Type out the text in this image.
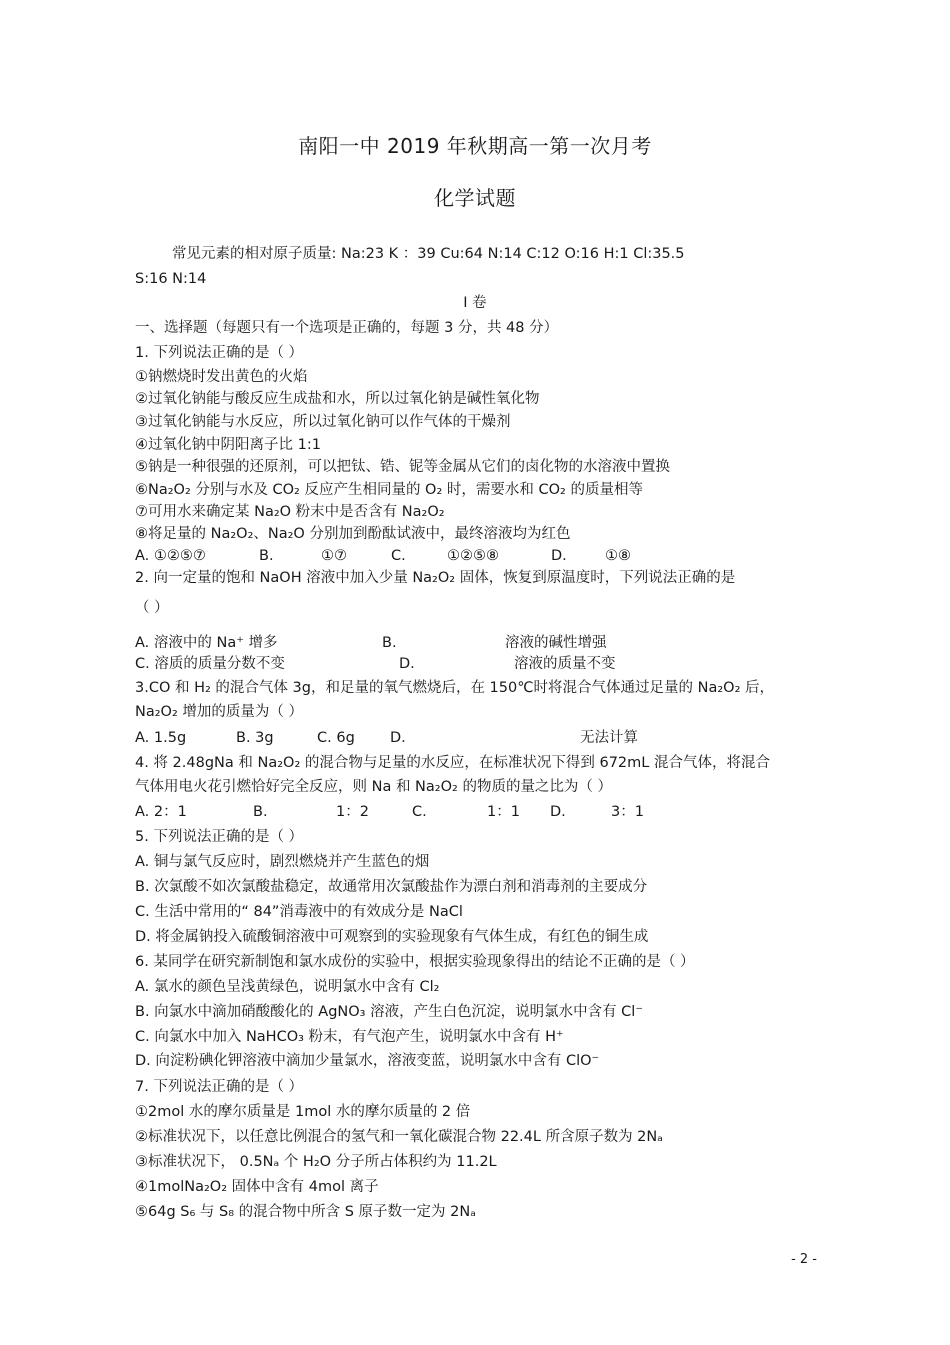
南阳一中 2019 年秋期高一第一次月考
化学试题
常见元素的相对原子质量: Na:23 K ：39 Cu:64 N:14 C:12 O:16 H:1 Cl:35.5
S:16 N:14
I 卷
一、选择题（每题只有一个选项是正确的，每题 3 分，共 48 分）
1. 下列说法正确的是（ ）
①钠燃烧时发出黄色的火焰
②过氧化钠能与酸反应生成盐和水，所以过氧化钠是碱性氧化物
③过氧化钠能与水反应，所以过氧化钠可以作气体的干燥剂
④过氧化钠中阴阳离子比 1:1
⑤钠是一种很强的还原剂，可以把钛、锆、铌等金属从它们的卤化物的水溶液中置换
⑥Na₂O₂ 分别与水及 CO₂ 反应产生相同量的 O₂ 时，需要水和 CO₂ 的质量相等
⑦可用水来确定某 Na₂O 粉末中是否含有 Na₂O₂
⑧将足量的 Na₂O₂、Na₂O 分别加到酚酞试液中，最终溶液均为红色
A. ①②⑤⑦	B.	①⑦	C.	①②⑤⑧	D.	①⑧
2. 向一定量的饱和 NaOH 溶液中加入少量 Na₂O₂ 固体，恢复到原温度时，下列说法正确的是
（ ）
A. 溶液中的 Na⁺ 增多	B.	溶液的碱性增强
C. 溶质的质量分数不变	D.	溶液的质量不变
3.CO 和 H₂ 的混合气体 3g，和足量的氧气燃烧后，在 150℃时将混合气体通过足量的 Na₂O₂ 后，
Na₂O₂ 增加的质量为（ ）
A. 1.5g	B. 3g	C. 6g D.	无法计算
4. 将 2.48gNa 和 Na₂O₂ 的混合物与足量的水反应，在标准状况下得到 672mL 混合气体，将混合
气体用电火花引燃恰好完全反应，则 Na 和 Na₂O₂ 的物质的量之比为（ ）
A. 2：1	B.	1：2	C.	1：1 D.	3：1
5. 下列说法正确的是（ ）
A. 铜与氯气反应时，剧烈燃烧并产生蓝色的烟
B. 次氯酸不如次氯酸盐稳定，故通常用次氯酸盐作为漂白剂和消毒剂的主要成分
C. 生活中常用的“ 84”消毒液中的有效成分是 NaCl
D. 将金属钠投入硫酸铜溶液中可观察到的实验现象有气体生成，有红色的铜生成
6. 某同学在研究新制饱和氯水成份的实验中，根据实验现象得出的结论不正确的是（ ）
A. 氯水的颜色呈浅黄绿色，说明氯水中含有 Cl₂
B. 向氯水中滴加硝酸酸化的 AgNO₃ 溶液，产生白色沉淀，说明氯水中含有 Cl⁻
C. 向氯水中加入 NaHCO₃ 粉末，有气泡产生，说明氯水中含有 H⁺
D. 向淀粉碘化钾溶液中滴加少量氯水，溶液变蓝，说明氯水中含有 ClO⁻
7. 下列说法正确的是（ ）
①2mol 水的摩尔质量是 1mol 水的摩尔质量的 2 倍
②标准状况下，以任意比例混合的氢气和一氧化碳混合物 22.4L 所含原子数为 2Nₐ
③标准状况下， 0.5Nₐ 个 H₂O 分子所占体积约为 11.2L
④1molNa₂O₂ 固体中含有 4mol 离子
⑤64g S₆ 与 S₈ 的混合物中所含 S 原子数一定为 2Nₐ
- 2 -
